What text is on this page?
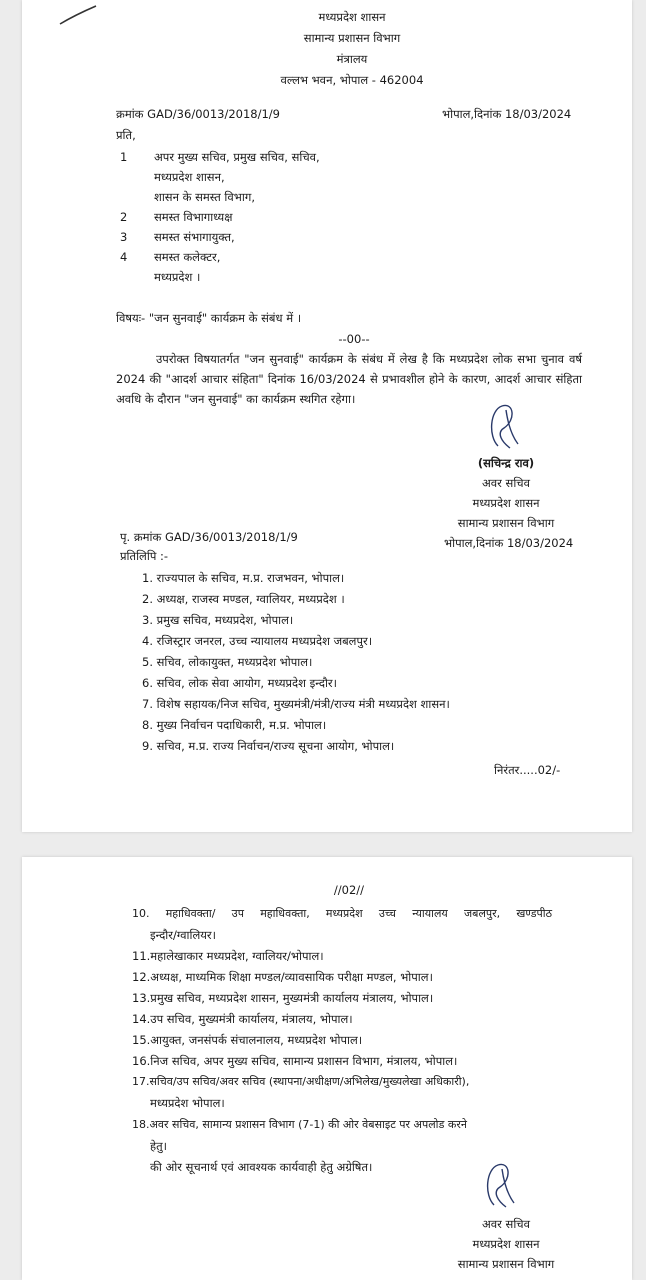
मध्यप्रदेश शासन
सामान्य प्रशासन विभाग
मंत्रालय
वल्लभ भवन, भोपाल - 462004
क्रमांक GAD/36/0013/2018/1/9	भोपाल,दिनांक 18/03/2024
प्रति,
1 अपर मुख्य सचिव, प्रमुख सचिव, सचिव,
मध्यप्रदेश शासन,
शासन के समस्त विभाग,
2 समस्त विभागाध्यक्ष
3 समस्त संभागायुक्त,
4 समस्त कलेक्टर,
मध्यप्रदेश ।
विषयः- "जन सुनवाई" कार्यक्रम के संबंध में ।
--00--
उपरोक्त विषयातर्गत "जन सुनवाई" कार्यक्रम के संबंध में लेख है कि मध्यप्रदेश लोक सभा चुनाव वर्ष 2024 की "आदर्श आचार संहिता" दिनांक 16/03/2024 से प्रभावशील होने के कारण, आदर्श आचार संहिता अवधि के दौरान "जन सुनवाई" का कार्यक्रम स्थगित रहेगा।
(सचिन्द्र राव)
अवर सचिव
मध्यप्रदेश शासन
सामान्य प्रशासन विभाग
भोपाल,दिनांक 18/03/2024
पृ. क्रमांक GAD/36/0013/2018/1/9
प्रतिलिपि :-
1. राज्यपाल के सचिव, म.प्र. राजभवन, भोपाल।
2. अध्यक्ष, राजस्व मण्डल, ग्वालियर, मध्यप्रदेश ।
3. प्रमुख सचिव, मध्यप्रदेश, भोपाल।
4. रजिस्ट्रार जनरल, उच्च न्यायालय मध्यप्रदेश जबलपुर।
5. सचिव, लोकायुक्त, मध्यप्रदेश भोपाल।
6. सचिव, लोक सेवा आयोग, मध्यप्रदेश इन्दौर।
7. विशेष सहायक/निज सचिव, मुख्यमंत्री/मंत्री/राज्य मंत्री मध्यप्रदेश शासन।
8. मुख्य निर्वाचन पदाधिकारी, म.प्र. भोपाल।
9. सचिव, म.प्र. राज्य निर्वाचन/राज्य सूचना आयोग, भोपाल।
निरंतर.....02/-
//02//
10. महाधिवक्ता/ उप महाधिवक्ता, मध्यप्रदेश उच्च न्यायालय जबलपुर, खण्डपीठ
इन्दौर/ग्वालियर।
11.महालेखाकार मध्यप्रदेश, ग्वालियर/भोपाल।
12.अध्यक्ष, माध्यमिक शिक्षा मण्डल/व्यावसायिक परीक्षा मण्डल, भोपाल।
13.प्रमुख सचिव, मध्यप्रदेश शासन, मुख्यमंत्री कार्यालय मंत्रालय, भोपाल।
14.उप सचिव, मुख्यमंत्री कार्यालय, मंत्रालय, भोपाल।
15.आयुक्त, जनसंपर्क संचालनालय, मध्यप्रदेश भोपाल।
16.निज सचिव, अपर मुख्य सचिव, सामान्य प्रशासन विभाग, मंत्रालय, भोपाल।
17.सचिव/उप सचिव/अवर सचिव (स्थापना/अधीक्षण/अभिलेख/मुख्यलेखा अधिकारी),
मध्यप्रदेश भोपाल।
18.अवर सचिव, सामान्य प्रशासन विभाग (7-1) की ओर वेबसाइट पर अपलोड करने
हेतु।
की ओर सूचनार्थ एवं आवश्यक कार्यवाही हेतु अग्रेषित।
अवर सचिव
मध्यप्रदेश शासन
सामान्य प्रशासन विभाग
